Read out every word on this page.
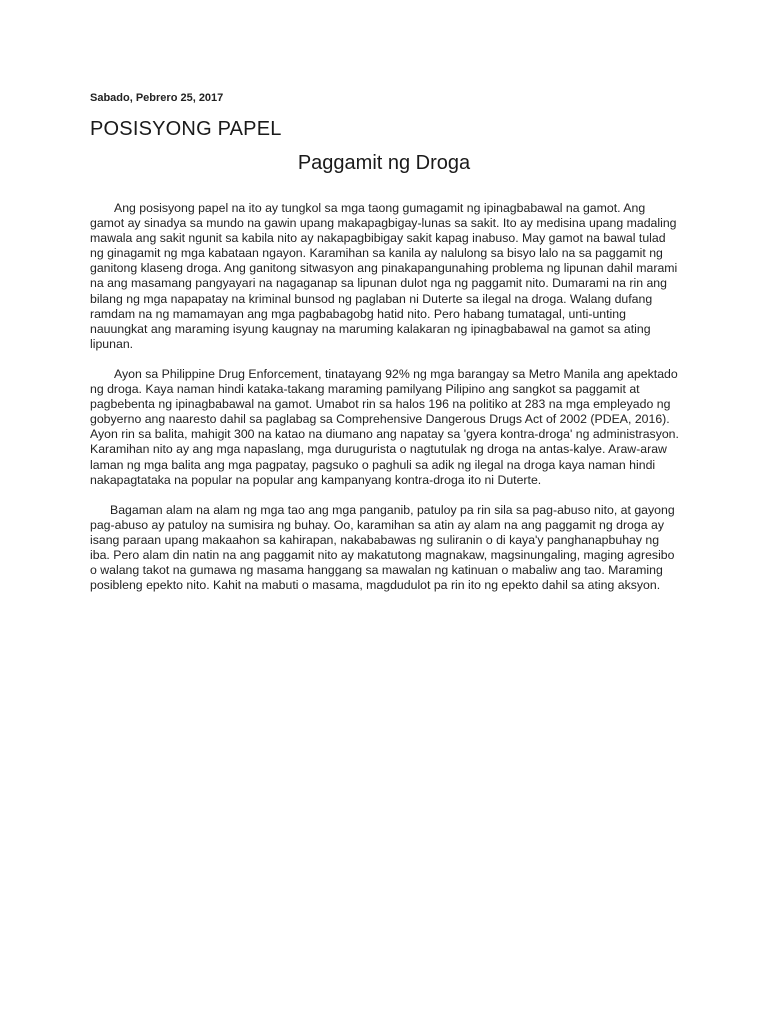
Sabado, Pebrero 25, 2017
POSISYONG PAPEL
Paggamit ng Droga

Ang posisyong papel na ito ay tungkol sa mga taong gumagamit ng ipinagbabawal na gamot. Ang gamot ay sinadya sa mundo na gawin upang makapagbigay-lunas sa sakit. Ito ay medisina upang madaling mawala ang sakit ngunit sa kabila nito ay nakapagbibigay sakit kapag inabuso. May gamot na bawal tulad ng ginagamit ng mga kabataan ngayon. Karamihan sa kanila ay nalulong sa bisyo lalo na sa paggamit ng ganitong klaseng droga. Ang ganitong sitwasyon ang pinakapangunahing problema ng lipunan dahil marami na ang masamang pangyayari na nagaganap sa lipunan dulot nga ng paggamit nito. Dumarami na rin ang bilang ng mga napapatay na kriminal bunsod ng paglaban ni Duterte sa ilegal na droga. Walang dufang ramdam na ng mamamayan ang mga pagbabagobg hatid nito. Pero habang tumatagal, unti-unting nauungkat ang maraming isyung kaugnay na maruming kalakaran ng ipinagbabawal na gamot sa ating lipunan.

Ayon sa Philippine Drug Enforcement, tinatayang 92% ng mga barangay sa Metro Manila ang apektado ng droga. Kaya naman hindi kataka-takang maraming pamilyang Pilipino ang sangkot sa paggamit at pagbebenta ng ipinagbabawal na gamot. Umabot rin sa halos 196 na politiko at 283 na mga empleyado ng gobyerno ang naaresto dahil sa paglabag sa Comprehensive Dangerous Drugs Act of 2002 (PDEA, 2016). Ayon rin sa balita, mahigit 300 na katao na diumano ang napatay sa 'gyera kontra-droga' ng administrasyon. Karamihan nito ay ang mga napaslang, mga durugurista o nagtutulak ng droga na antas-kalye. Araw-araw laman ng mga balita ang mga pagpatay, pagsuko o paghuli sa adik ng ilegal na droga kaya naman hindi nakapagtataka na popular na popular ang kampanyang kontra-droga ito ni Duterte.

Bagaman alam na alam ng mga tao ang mga panganib, patuloy pa rin sila sa pag-abuso nito, at gayong pag-abuso ay patuloy na sumisira ng buhay. Oo, karamihan sa atin ay alam na ang paggamit ng droga ay isang paraan upang makaahon sa kahirapan, nakababawas ng suliranin o di kaya'y panghanapbuhay ng iba. Pero alam din natin na ang paggamit nito ay makatutong magnakaw, magsinungaling, maging agresibo o walang takot na gumawa ng masama hanggang sa mawalan ng katinuan o mabaliw ang tao. Maraming posibleng epekto nito. Kahit na mabuti o masama, magdudulot pa rin ito ng epekto dahil sa ating aksyon.
